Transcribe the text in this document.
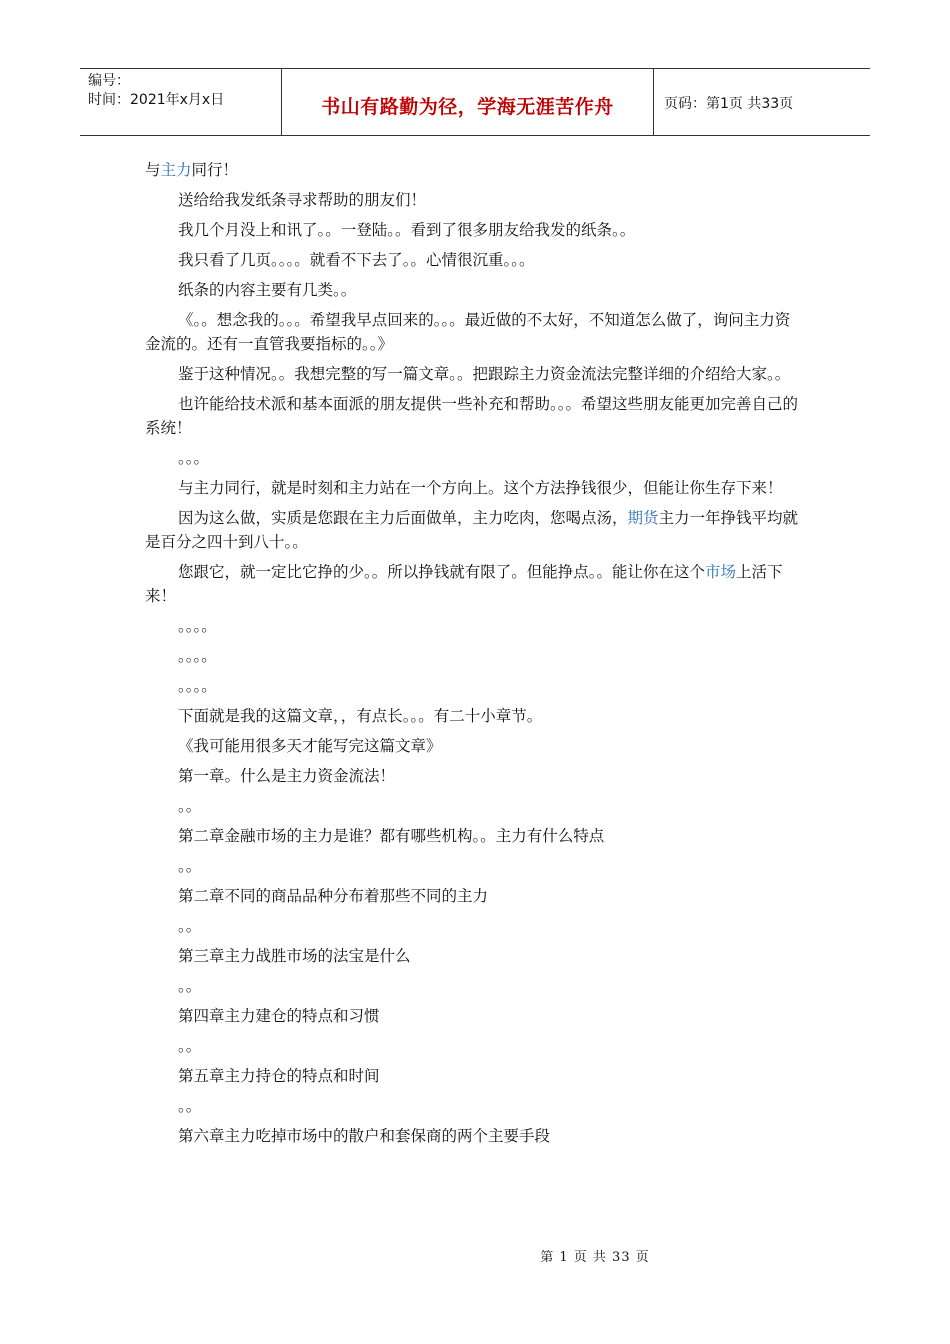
编号：
时间：2021年x月x日	书山有路勤为径，学海无涯苦作舟	页码：第1页 共33页

与主力同行！

送给给我发纸条寻求帮助的朋友们！

我几个月没上和讯了。。一登陆。。看到了很多朋友给我发的纸条。。

我只看了几页。。。。就看不下去了。。心情很沉重。。。

纸条的内容主要有几类。。

《。。想念我的。。。希望我早点回来的。。。最近做的不太好，不知道怎么做了，询问主力资金流的。还有一直管我要指标的。。》

鉴于这种情况。。我想完整的写一篇文章。。把跟踪主力资金流法完整详细的介绍给大家。。

也许能给技术派和基本面派的朋友提供一些补充和帮助。。。希望这些朋友能更加完善自己的系统！

。。。

与主力同行，就是时刻和主力站在一个方向上。这个方法挣钱很少，但能让你生存下来！

因为这么做，实质是您跟在主力后面做单，主力吃肉，您喝点汤，期货主力一年挣钱平均就是百分之四十到八十。。

您跟它，就一定比它挣的少。。所以挣钱就有限了。但能挣点。。能让你在这个市场上活下来！

。。。。

。。。。

。。。。

下面就是我的这篇文章，，有点长。。。有二十小章节。

《我可能用很多天才能写完这篇文章》

第一章。什么是主力资金流法！

。。

第二章金融市场的主力是谁？都有哪些机构。。主力有什么特点

。。

第二章不同的商品品种分布着那些不同的主力

。。

第三章主力战胜市场的法宝是什么

。。

第四章主力建仓的特点和习惯

。。

第五章主力持仓的特点和时间

。。

第六章主力吃掉市场中的散户和套保商的两个主要手段

第 1 页 共 33 页
